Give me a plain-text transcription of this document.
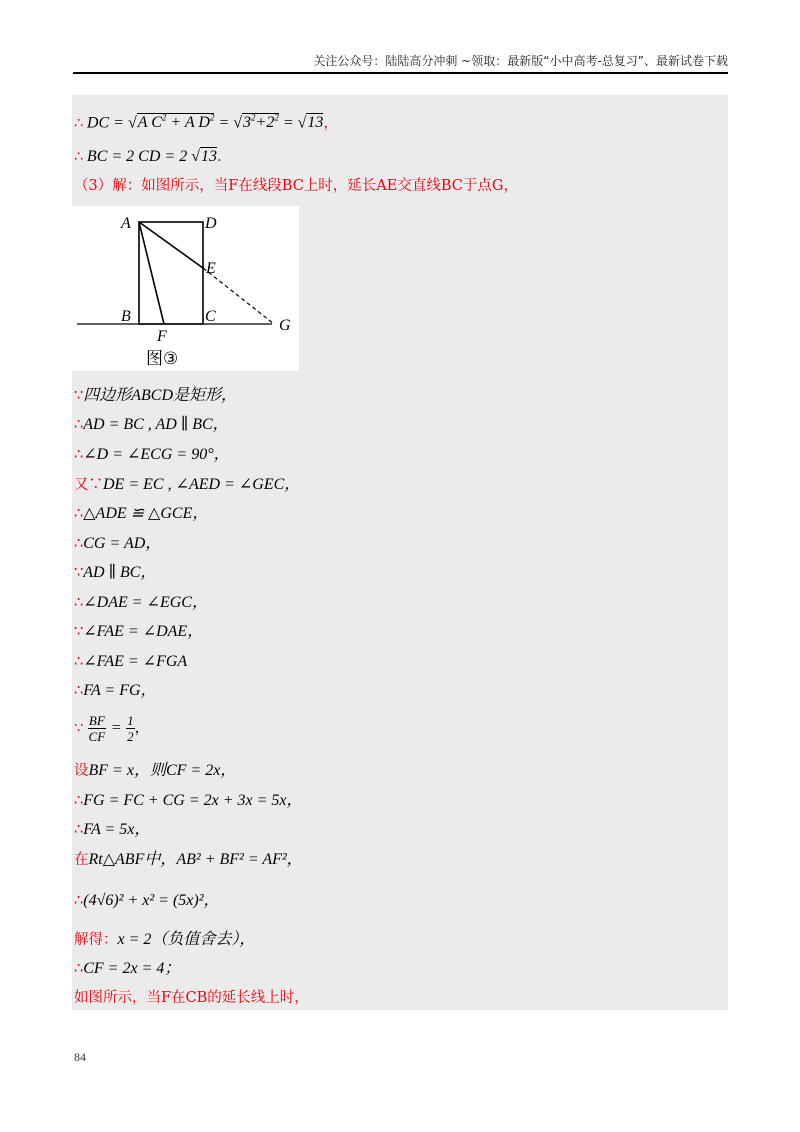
关注公众号：陆陆高分冲刺 ~领取：最新版“小中高考-总复习”、最新试卷下载
∴ DC = √A $C^2 + A$ $D^2 = √3^2+2^2 = √13$，
∴ BC = 2 CD = 2 √13.
（3）解：如图所示，当F在线段BC上时，延长AE交直线BC于点G，
A	D
E
B	C
F
G
图③
∵四边形ABCD是矩形，
∴AD = BC , AD ∥ BC，
∴∠D = ∠ECG = 90°，
又∵DE = EC , ∠AED = ∠GEC，
∴△ADE ≌ △GCE，
∴CG = AD，
∵AD ∥ BC，
∴∠DAE = ∠EGC，
∵∠FAE = ∠DAE，
∴∠FAE = ∠FGA
∴FA = FG，
∵ $\frac{BF}{CF} = \frac{1}{2}$ ，
设BF = x，则CF = 2x，
∴FG = FC + CG = 2x + 3x = 5x，
∴FA = 5x，
在Rt△ABF中，AB² + BF² = AF²，
∴(4√6)² + x² = (5x)²，
解得：x = 2（负值舍去），
∴CF = 2x = 4；
如图所示，当F在CB的延长线上时，
84
